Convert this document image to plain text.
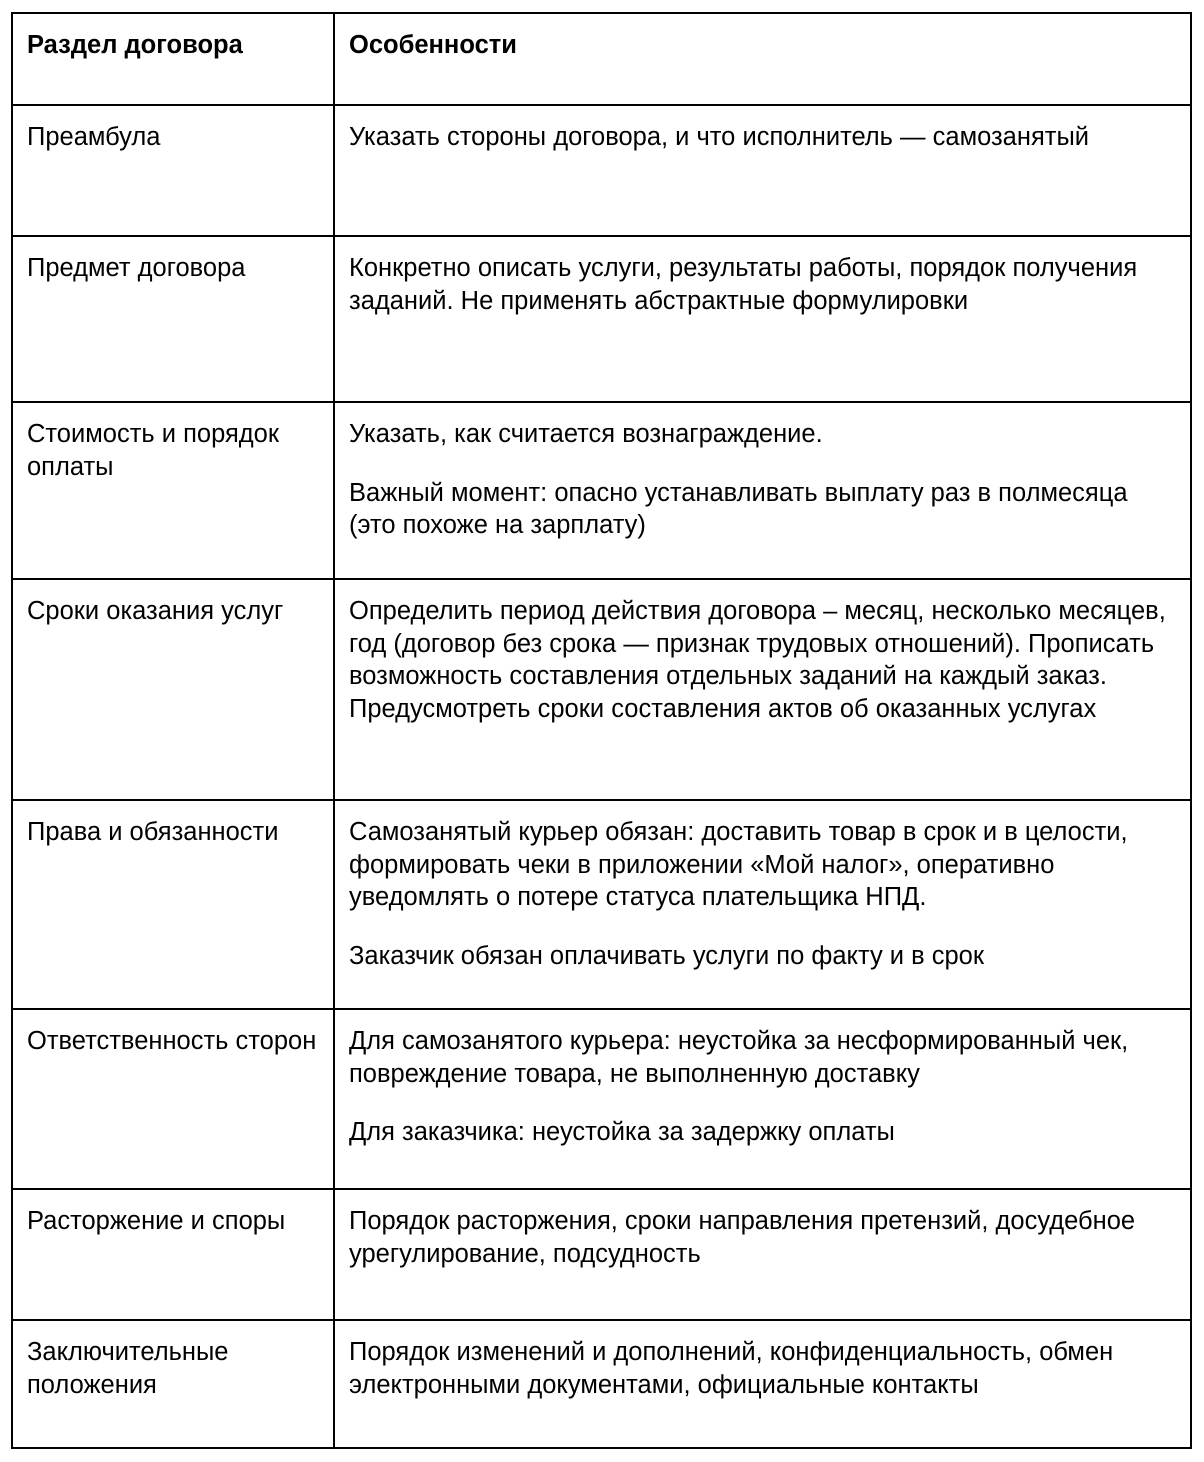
Раздел договора	Особенности
Преамбула	Указать стороны договора, и что исполнитель — самозанятый

Предмет договора	Конкретно описать услуги, результаты работы, порядок получения заданий. Не применять абстрактные формулировки

Стоимость и порядок оплаты	Указать, как считается вознаграждение.

Важный момент: опасно устанавливать выплату раз в полмесяца (это похоже на зарплату)

Сроки оказания услуг	Определить период действия договора – месяц, несколько месяцев, год (договор без срока — признак трудовых отношений). Прописать возможность составления отдельных заданий на каждый заказ. Предусмотреть сроки составления актов об оказанных услугах

Права и обязанности	Самозанятый курьер обязан: доставить товар в срок и в целости, формировать чеки в приложении «Мой налог», оперативно уведомлять о потере статуса плательщика НПД.

Заказчик обязан оплачивать услуги по факту и в срок

Ответственность сторон	Для самозанятого курьера: неустойка за несформированный чек, повреждение товара, не выполненную доставку

Для заказчика: неустойка за задержку оплаты

Расторжение и споры	Порядок расторжения, сроки направления претензий, досудебное урегулирование, подсудность

Заключительные положения	Порядок изменений и дополнений, конфиденциальность, обмен электронными документами, официальные контакты
